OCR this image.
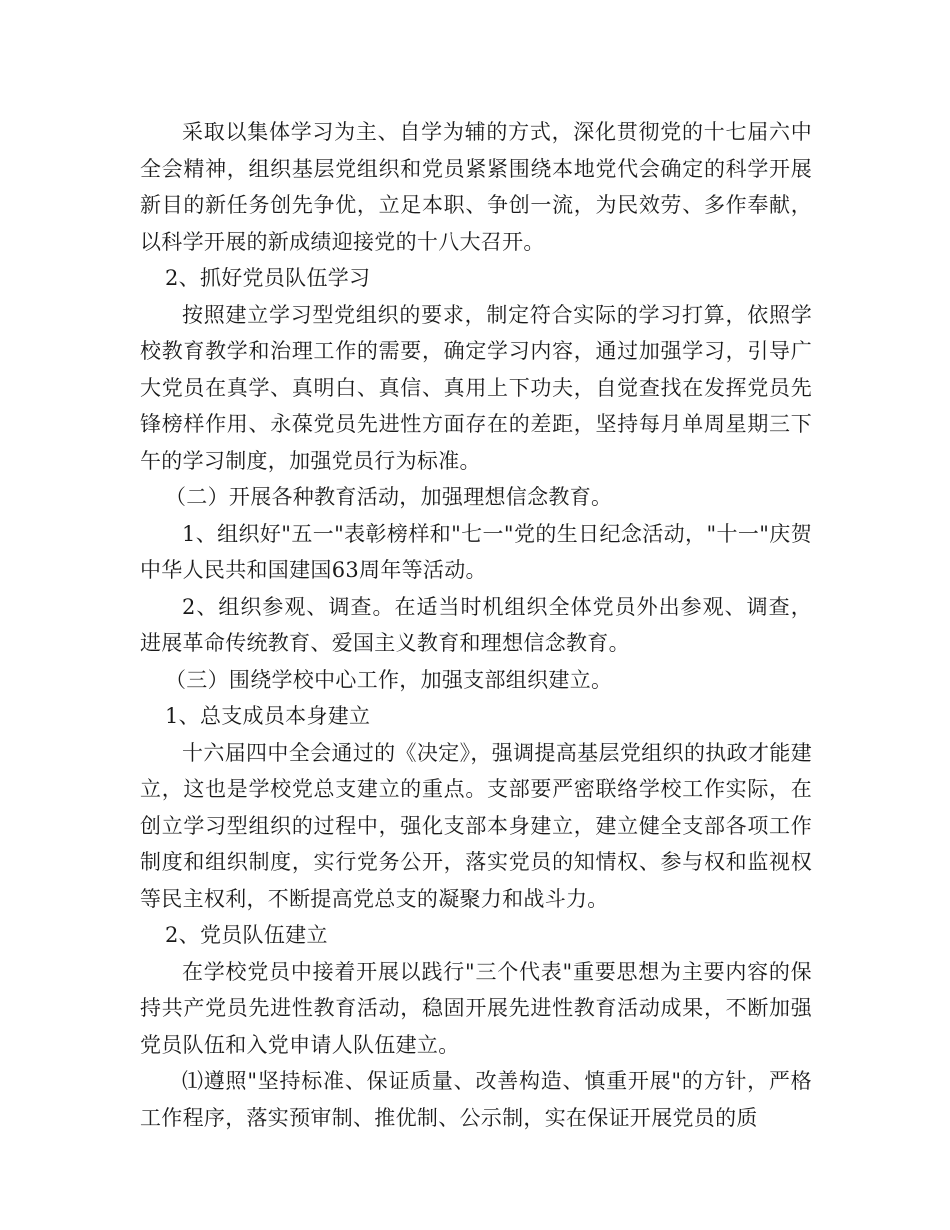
采取以集体学习为主、自学为辅的方式，深化贯彻党的十七届六中全会精神，组织基层党组织和党员紧紧围绕本地党代会确定的科学开展新目的新任务创先争优，立足本职、争创一流，为民效劳、多作奉献，以科学开展的新成绩迎接党的十八大召开。

2、抓好党员队伍学习

按照建立学习型党组织的要求，制定符合实际的学习打算，依照学校教育教学和治理工作的需要，确定学习内容，通过加强学习，引导广大党员在真学、真明白、真信、真用上下功夫，自觉查找在发挥党员先锋榜样作用、永葆党员先进性方面存在的差距，坚持每月单周星期三下午的学习制度，加强党员行为标准。

（二）开展各种教育活动，加强理想信念教育。

1、组织好"五一"表彰榜样和"七一"党的生日纪念活动，"十一"庆贺中华人民共和国建国63周年等活动。

2、组织参观、调查。在适当时机组织全体党员外出参观、调查，进展革命传统教育、爱国主义教育和理想信念教育。

（三）围绕学校中心工作，加强支部组织建立。

1、总支成员本身建立

十六届四中全会通过的《决定》，强调提高基层党组织的执政才能建立，这也是学校党总支建立的重点。支部要严密联络学校工作实际，在创立学习型组织的过程中，强化支部本身建立，建立健全支部各项工作制度和组织制度，实行党务公开，落实党员的知情权、参与权和监视权等民主权利，不断提高党总支的凝聚力和战斗力。

2、党员队伍建立

在学校党员中接着开展以践行"三个代表"重要思想为主要内容的保持共产党员先进性教育活动，稳固开展先进性教育活动成果，不断加强党员队伍和入党申请人队伍建立。

⑴遵照"坚持标准、保证质量、改善构造、慎重开展"的方针，严格工作程序，落实预审制、推优制、公示制，实在保证开展党员的质
